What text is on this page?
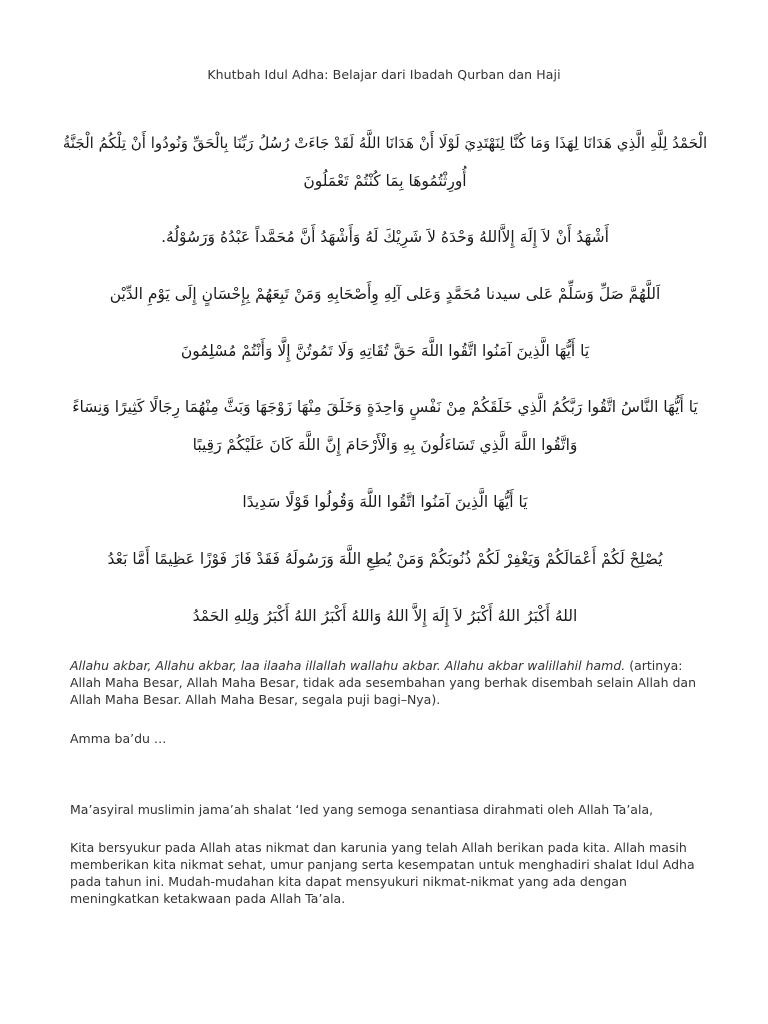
Khutbah Idul Adha: Belajar dari Ibadah Qurban dan Haji
الْحَمْدُ لِلَّهِ الَّذِي هَدَانَا لِهَذَا وَمَا كُنَّا لِنَهْتَدِيَ لَوْلَا أَنْ هَدَانَا اللَّهُ لَقَدْ جَاءَتْ رُسُلُ رَبِّنَا بِالْحَقِّ وَنُودُوا أَنْ تِلْكُمُ الْجَنَّةُ
أُورِثْتُمُوهَا بِمَا كُنْتُمْ تَعْمَلُونَ
أَشْهَدُ أَنْ لاَ إِلَهَ إِلاَّاللهُ وَحْدَهُ لاَ شَرِيْكَ لَهُ وَأَشْهَدُ أَنَّ مُحَمَّداً عَبْدُهُ وَرَسُوْلُهُ.
اَللَّهُمَّ صَلِّ وَسَلِّمْ عَلى سيدنا مُحَمَّدٍ وَعَلى آلِهِ وِأَصْحَابِهِ وَمَنْ تَبِعَهُمْ بِإِحْسَانٍ إِلَى يَوْمِ الدِّيْن
يَا أَيُّهَا الَّذِينَ آمَنُوا اتَّقُوا اللَّهَ حَقَّ تُقَاتِهِ وَلَا تَمُوتُنَّ إِلَّا وَأَنْتُمْ مُسْلِمُونَ
يَا أَيُّهَا النَّاسُ اتَّقُوا رَبَّكُمُ الَّذِي خَلَقَكُمْ مِنْ نَفْسٍ وَاحِدَةٍ وَخَلَقَ مِنْهَا زَوْجَهَا وَبَثَّ مِنْهُمَا رِجَالًا كَثِيرًا وَنِسَاءً
وَاتَّقُوا اللَّهَ الَّذِي تَسَاءَلُونَ بِهِ وَالْأَرْحَامَ إِنَّ اللَّهَ كَانَ عَلَيْكُمْ رَقِيبًا
يَا أَيُّهَا الَّذِينَ آمَنُوا اتَّقُوا اللَّهَ وَقُولُوا قَوْلًا سَدِيدًا
يُصْلِحْ لَكُمْ أَعْمَالَكُمْ وَيَغْفِرْ لَكُمْ ذُنُوبَكُمْ وَمَنْ يُطِعِ اللَّهَ وَرَسُولَهُ فَقَدْ فَازَ فَوْزًا عَظِيمًا أَمَّا بَعْدُ
اللهُ أَكْبَرُ اللهُ أَكْبَرُ لاَ إِلَهَ إِلاَّ اللهُ وَاللهُ أَكْبَرُ اللهُ أَكْبَرُ وَلِلهِ الحَمْدُ
Allahu akbar, Allahu akbar, laa ilaaha illallah wallahu akbar. Allahu akbar walillahil hamd. (artinya: Allah Maha Besar, Allah Maha Besar, tidak ada sesembahan yang berhak disembah selain Allah dan Allah Maha Besar. Allah Maha Besar, segala puji bagi–Nya).
Amma ba’du …
Ma’asyiral muslimin jama’ah shalat ‘Ied yang semoga senantiasa dirahmati oleh Allah Ta’ala,
Kita bersyukur pada Allah atas nikmat dan karunia yang telah Allah berikan pada kita. Allah masih memberikan kita nikmat sehat, umur panjang serta kesempatan untuk menghadiri shalat Idul Adha pada tahun ini. Mudah-mudahan kita dapat mensyukuri nikmat-nikmat yang ada dengan meningkatkan ketakwaan pada Allah Ta’ala.
